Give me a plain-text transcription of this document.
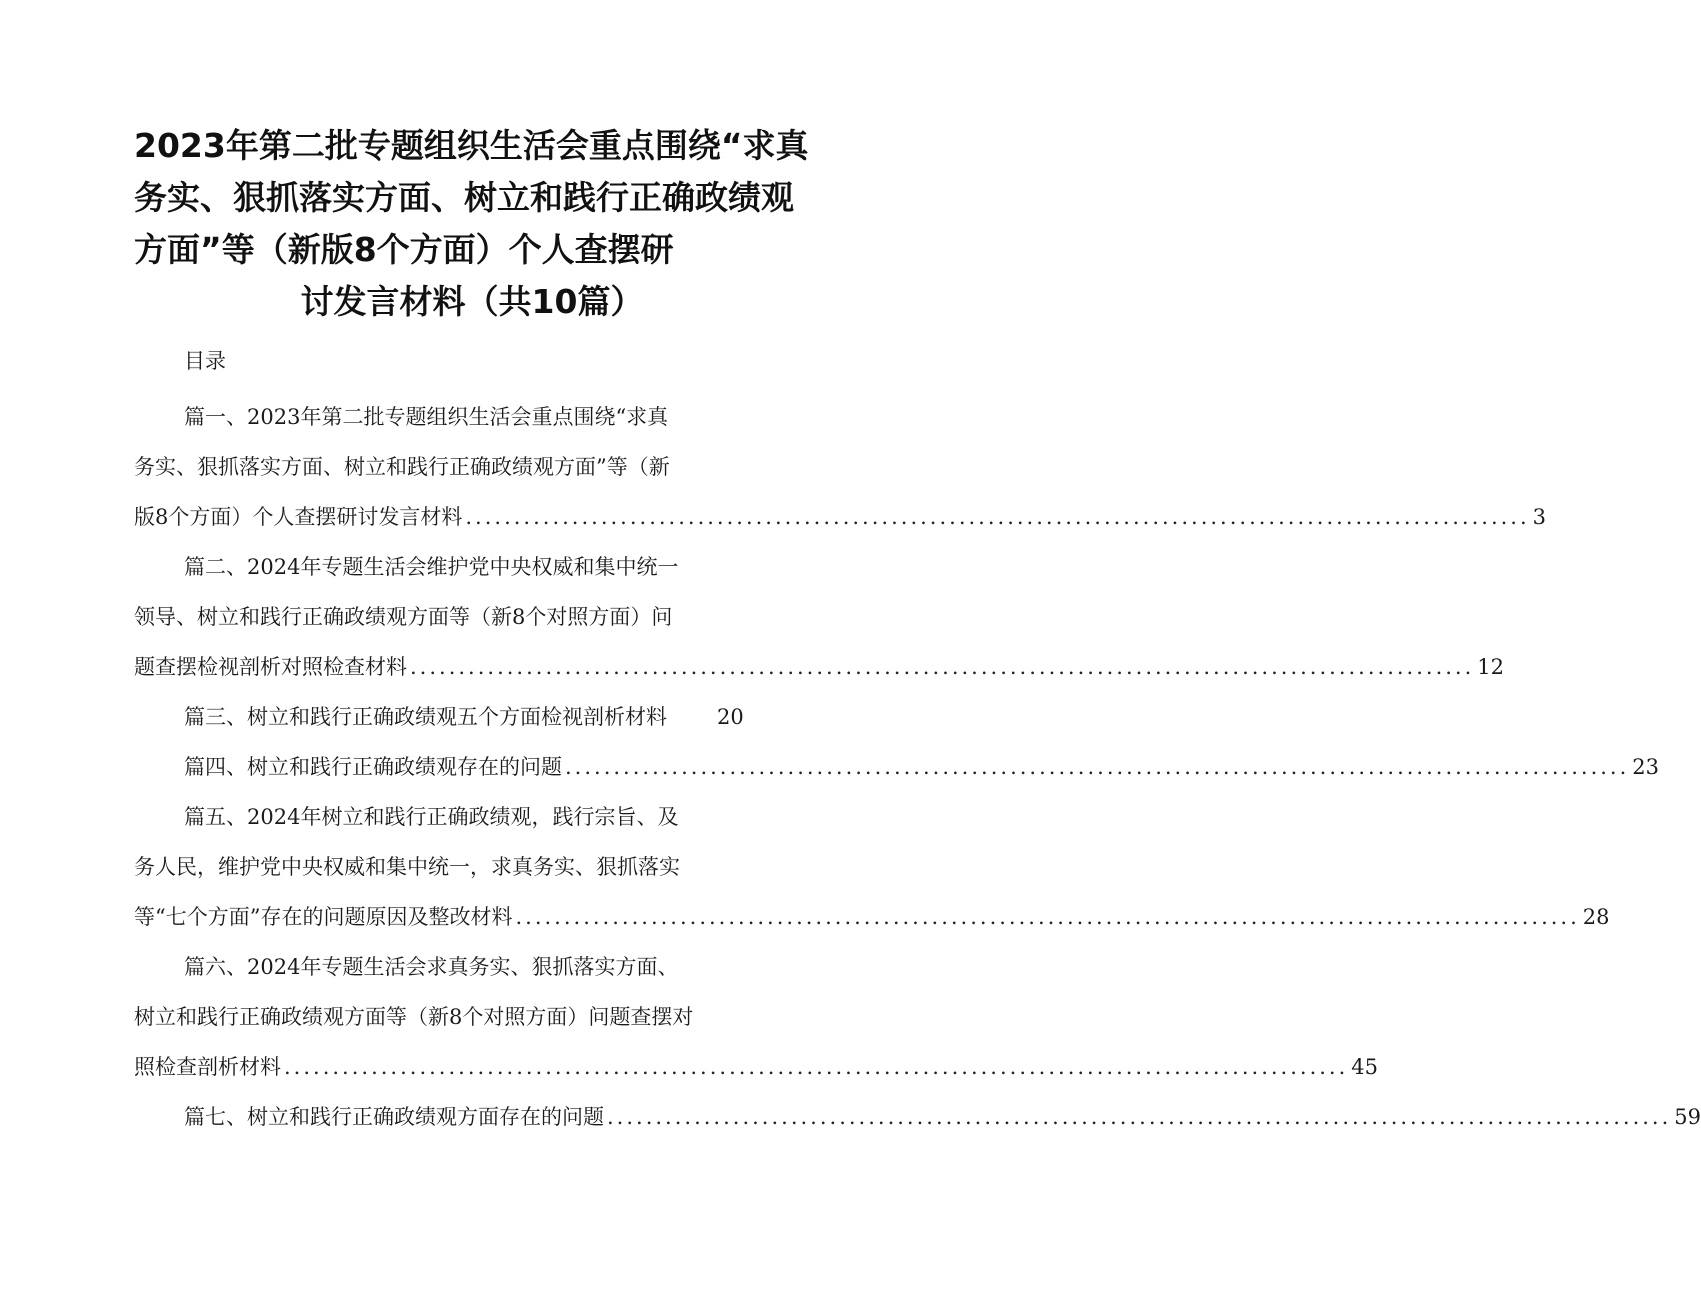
2023年第二批专题组织生活会重点围绕“求真
务实、狠抓落实方面、树立和践行正确政绩观
方面”等（新版8个方面）个人查摆研
讨发言材料（共10篇）
目录
篇一、2023年第二批专题组织生活会重点围绕“求真
务实、狠抓落实方面、树立和践行正确政绩观方面”等（新
版8个方面）个人查摆研讨发言材料 .............................................................................................................. 3
篇二、2024年专题生活会维护党中央权威和集中统一
领导、树立和践行正确政绩观方面等（新8个对照方面）问
题查摆检视剖析对照检查材料 .............................................................................................................. 12
篇三、树立和践行正确政绩观五个方面检视剖析材料	20
篇四、树立和践行正确政绩观存在的问题 .............................................................................................................. 23
篇五、2024年树立和践行正确政绩观，践行宗旨、及
务人民，维护党中央权威和集中统一，求真务实、狠抓落实
等“七个方面”存在的问题原因及整改材料 .............................................................................................................. 28
篇六、2024年专题生活会求真务实、狠抓落实方面、
树立和践行正确政绩观方面等（新8个对照方面）问题查摆对
照检查剖析材料 .............................................................................................................. 45
篇七、树立和践行正确政绩观方面存在的问题 .............................................................................................................. 59
